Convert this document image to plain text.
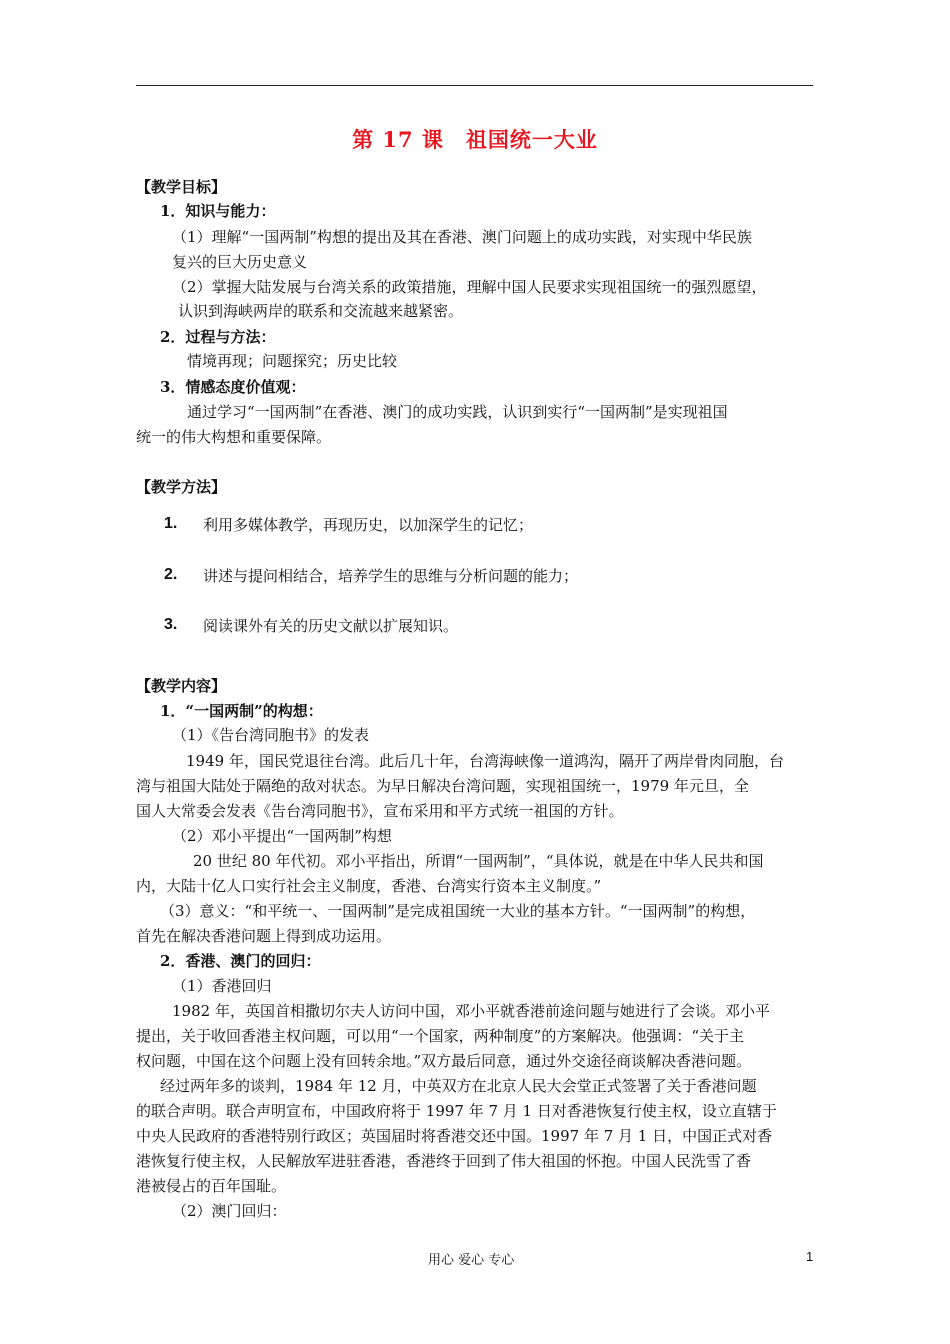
第 17 课 祖国统一大业
【教学目标】
1．知识与能力：
（1）理解“一国两制”构想的提出及其在香港、澳门问题上的成功实践，对实现中华民族
复兴的巨大历史意义
（2）掌握大陆发展与台湾关系的政策措施，理解中国人民要求实现祖国统一的强烈愿望，
认识到海峡两岸的联系和交流越来越紧密。
2．过程与方法：
情境再现；问题探究；历史比较
3．情感态度价值观：
通过学习“一国两制”在香港、澳门的成功实践，认识到实行“一国两制”是实现祖国
统一的伟大构想和重要保障。
【教学方法】
1. 利用多媒体教学，再现历史，以加深学生的记忆；
2. 讲述与提问相结合，培养学生的思维与分析问题的能力；
3. 阅读课外有关的历史文献以扩展知识。
【教学内容】
1．“一国两制”的构想：
（1）《告台湾同胞书》的发表
1949 年，国民党退往台湾。此后几十年，台湾海峡像一道鸿沟，隔开了两岸骨肉同胞，台
湾与祖国大陆处于隔绝的敌对状态。为早日解决台湾问题，实现祖国统一，1979 年元旦，全
国人大常委会发表《告台湾同胞书》，宣布采用和平方式统一祖国的方针。
（2）邓小平提出“一国两制”构想
20 世纪 80 年代初。邓小平指出，所谓“一国两制”，“具体说，就是在中华人民共和国
内，大陆十亿人口实行社会主义制度，香港、台湾实行资本主义制度。”
（3）意义：“和平统一、一国两制”是完成祖国统一大业的基本方针。“一国两制”的构想，
首先在解决香港问题上得到成功运用。
2．香港、澳门的回归：
（1）香港回归
1982 年，英国首相撒切尔夫人访问中国，邓小平就香港前途问题与她进行了会谈。邓小平
提出，关于收回香港主权问题，可以用“一个国家，两种制度”的方案解决。他强调：“关于主
权问题，中国在这个问题上没有回转余地。”双方最后同意，通过外交途径商谈解决香港问题。
经过两年多的谈判，1984 年 12 月，中英双方在北京人民大会堂正式签署了关于香港问题
的联合声明。联合声明宣布，中国政府将于 1997 年 7 月 1 日对香港恢复行使主权，设立直辖于
中央人民政府的香港特别行政区；英国届时将香港交还中国。1997 年 7 月 1 日，中国正式对香
港恢复行使主权，人民解放军进驻香港，香港终于回到了伟大祖国的怀抱。中国人民洗雪了香
港被侵占的百年国耻。
（2）澳门回归：
用心 爱心 专心	1
